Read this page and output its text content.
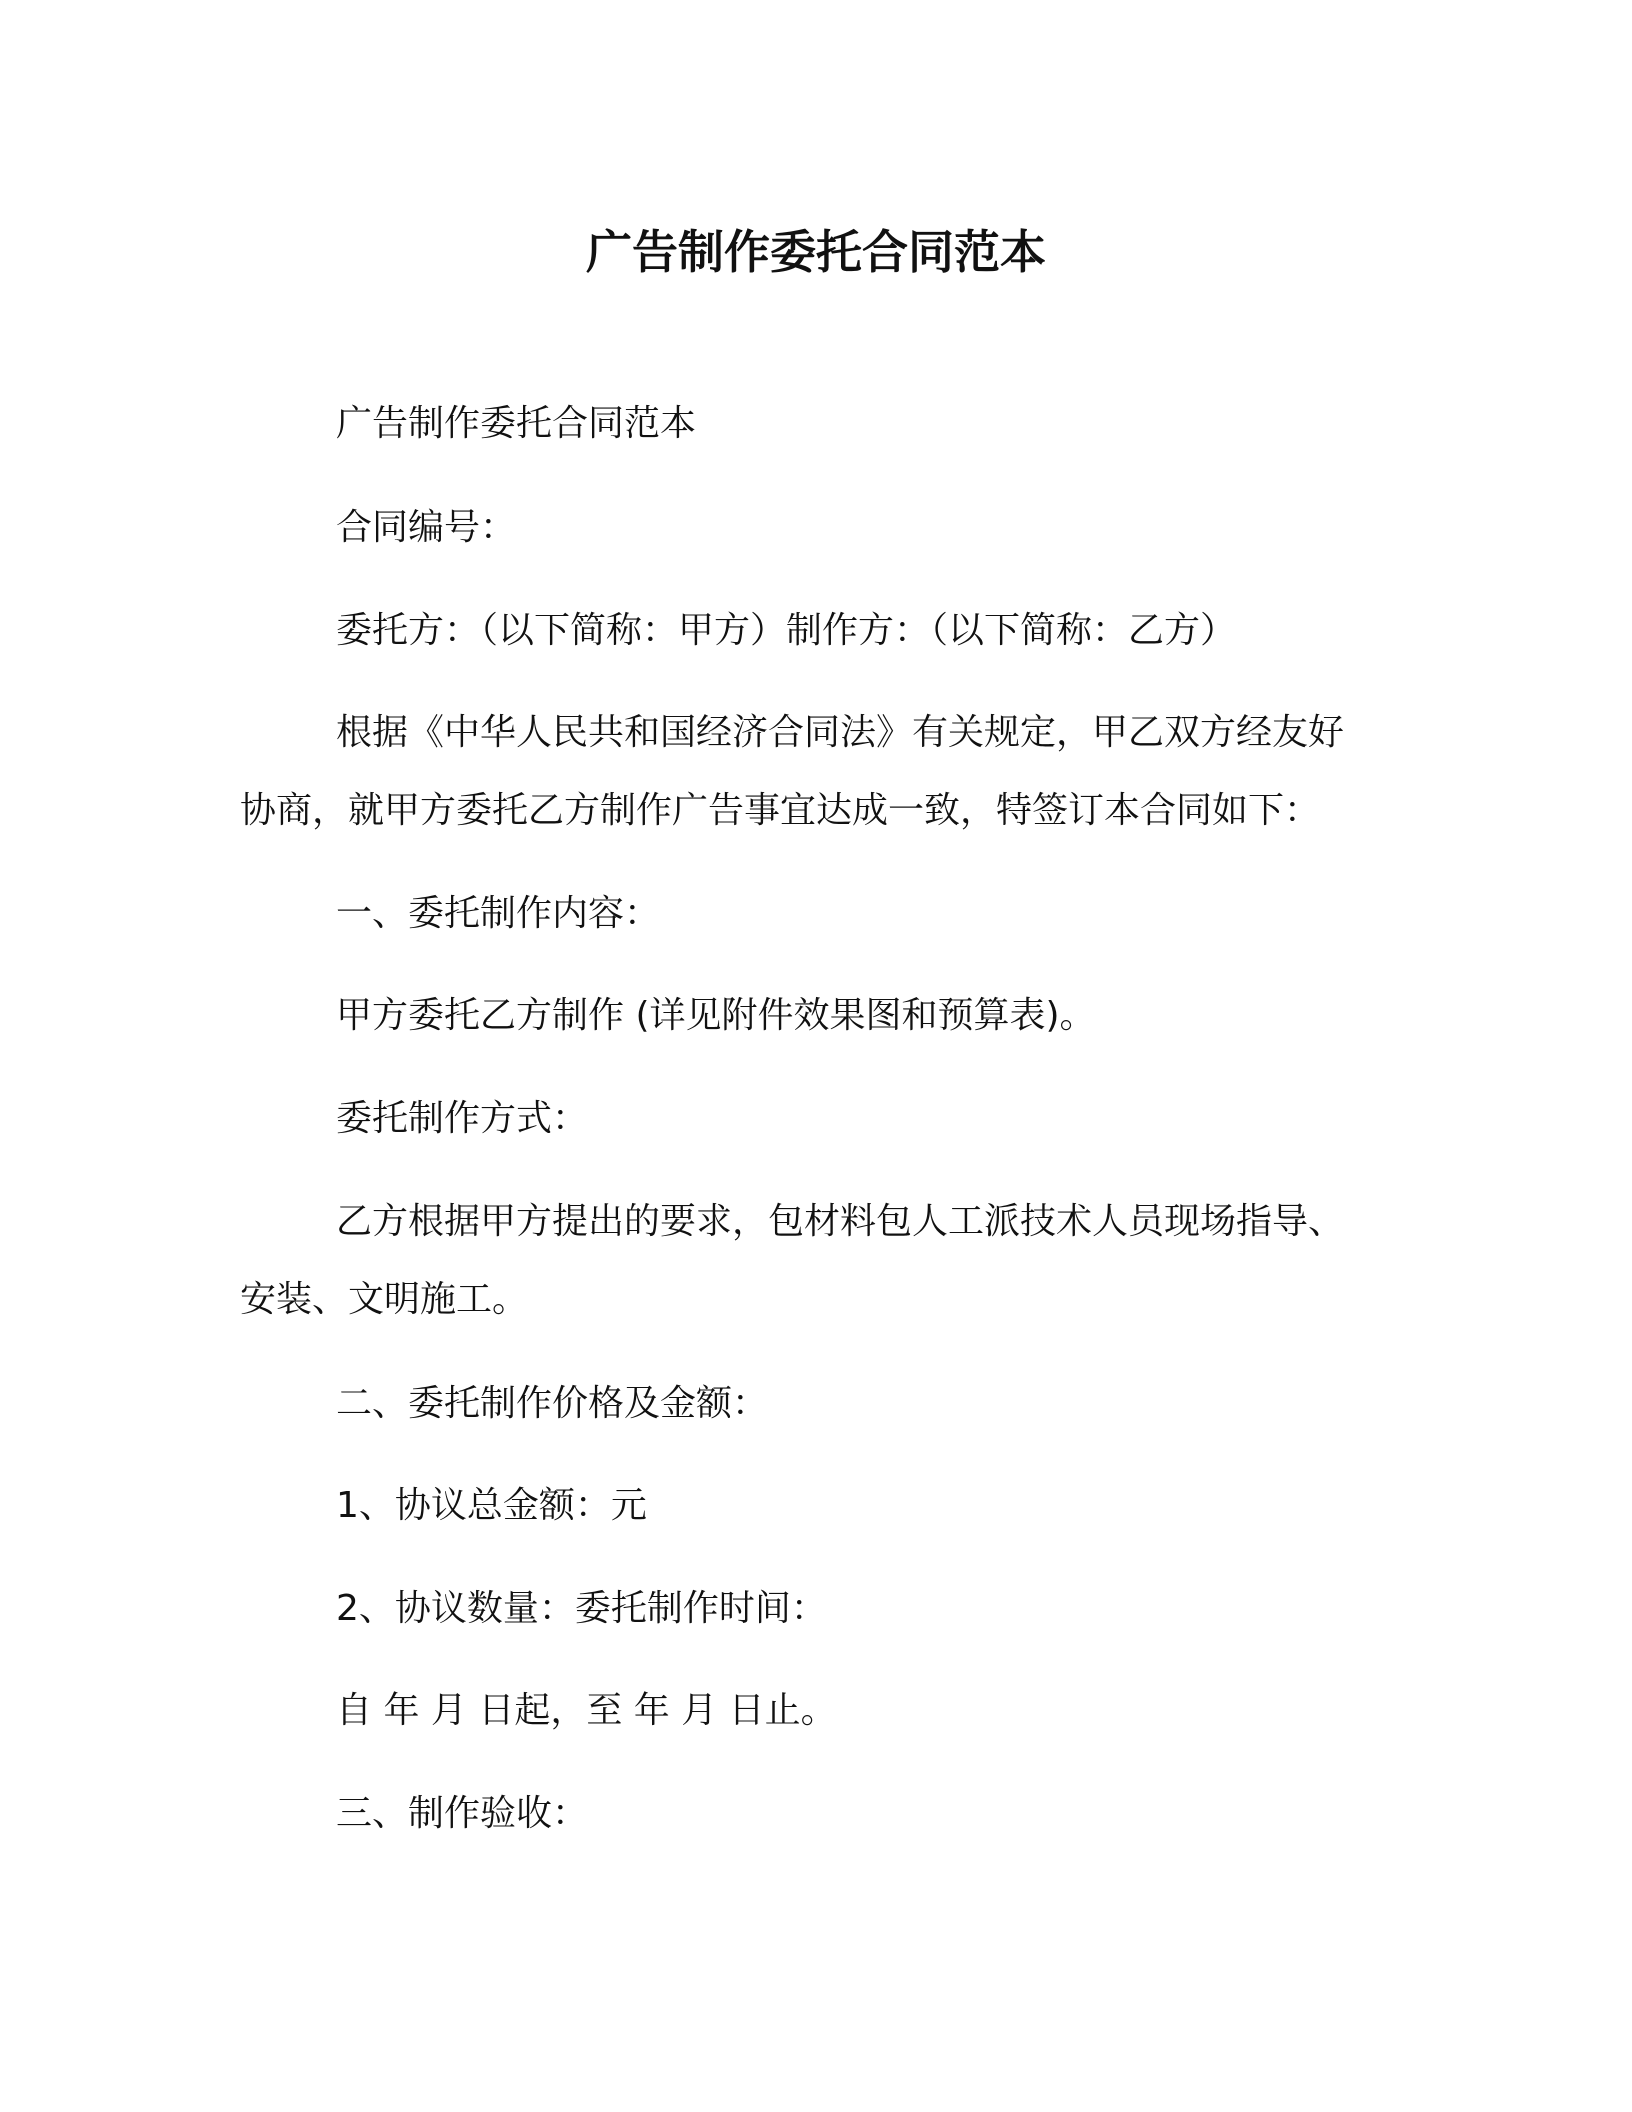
广告制作委托合同范本
广告制作委托合同范本
合同编号：
委托方：（以下简称：甲方）制作方：（以下简称：乙方）
根据《中华人民共和国经济合同法》有关规定，甲乙双方经友好
协商，就甲方委托乙方制作广告事宜达成一致，特签订本合同如下：
一、委托制作内容：
甲方委托乙方制作 (详见附件效果图和预算表)。
委托制作方式：
乙方根据甲方提出的要求，包材料包人工派技术人员现场指导、
安装、文明施工。
二、委托制作价格及金额：
1、协议总金额：元
2、协议数量：委托制作时间：
自 年 月 日起，至 年 月 日止。
三、制作验收：
